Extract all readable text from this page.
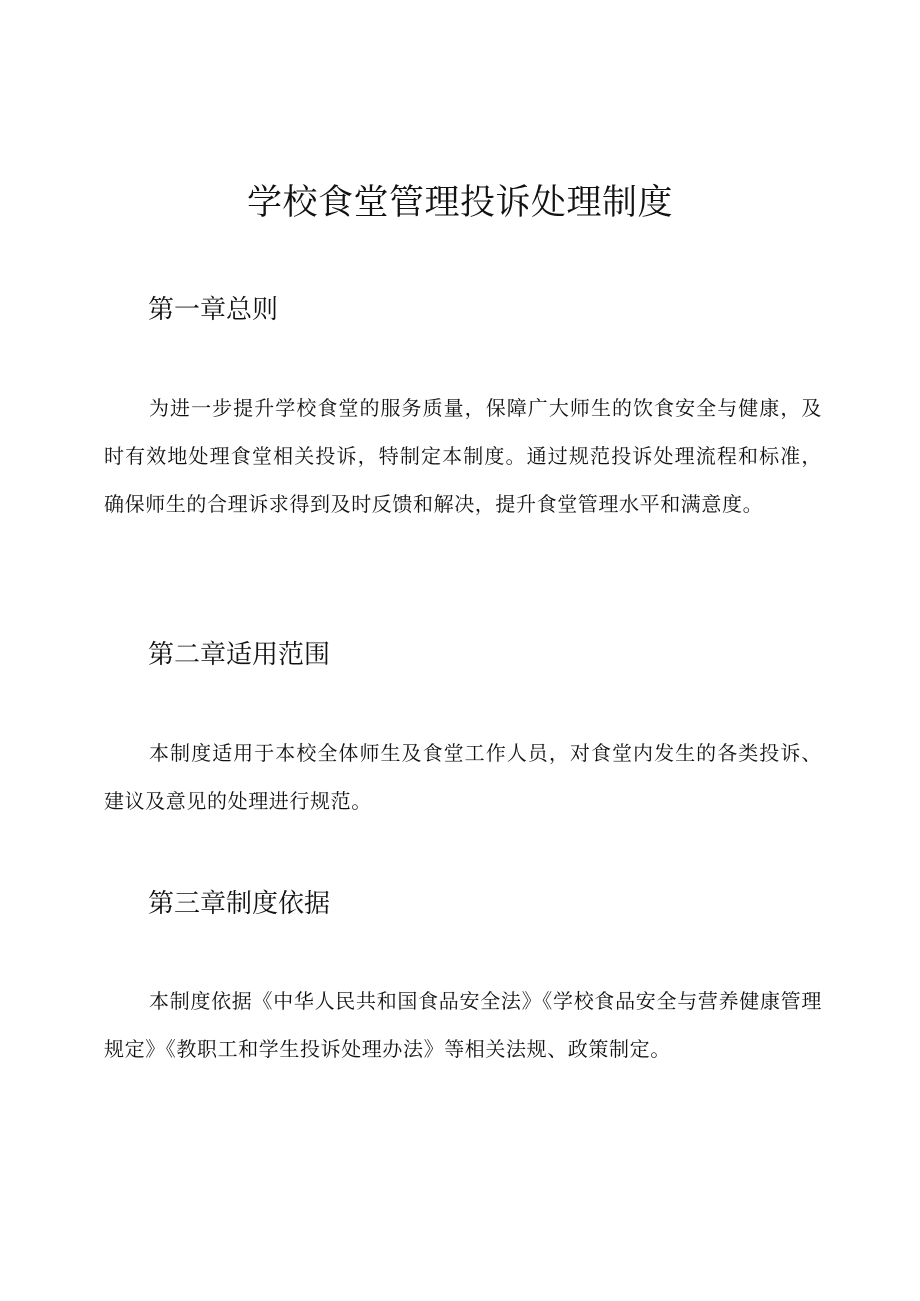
学校食堂管理投诉处理制度
第一章总则

为进一步提升学校食堂的服务质量，保障广大师生的饮食安全与健康，及时有效地处理食堂相关投诉，特制定本制度。通过规范投诉处理流程和标准，确保师生的合理诉求得到及时反馈和解决，提升食堂管理水平和满意度。

第二章适用范围

本制度适用于本校全体师生及食堂工作人员，对食堂内发生的各类投诉、建议及意见的处理进行规范。

第三章制度依据

本制度依据《中华人民共和国食品安全法》《学校食品安全与营养健康管理规定》《教职工和学生投诉处理办法》等相关法规、政策制定。
